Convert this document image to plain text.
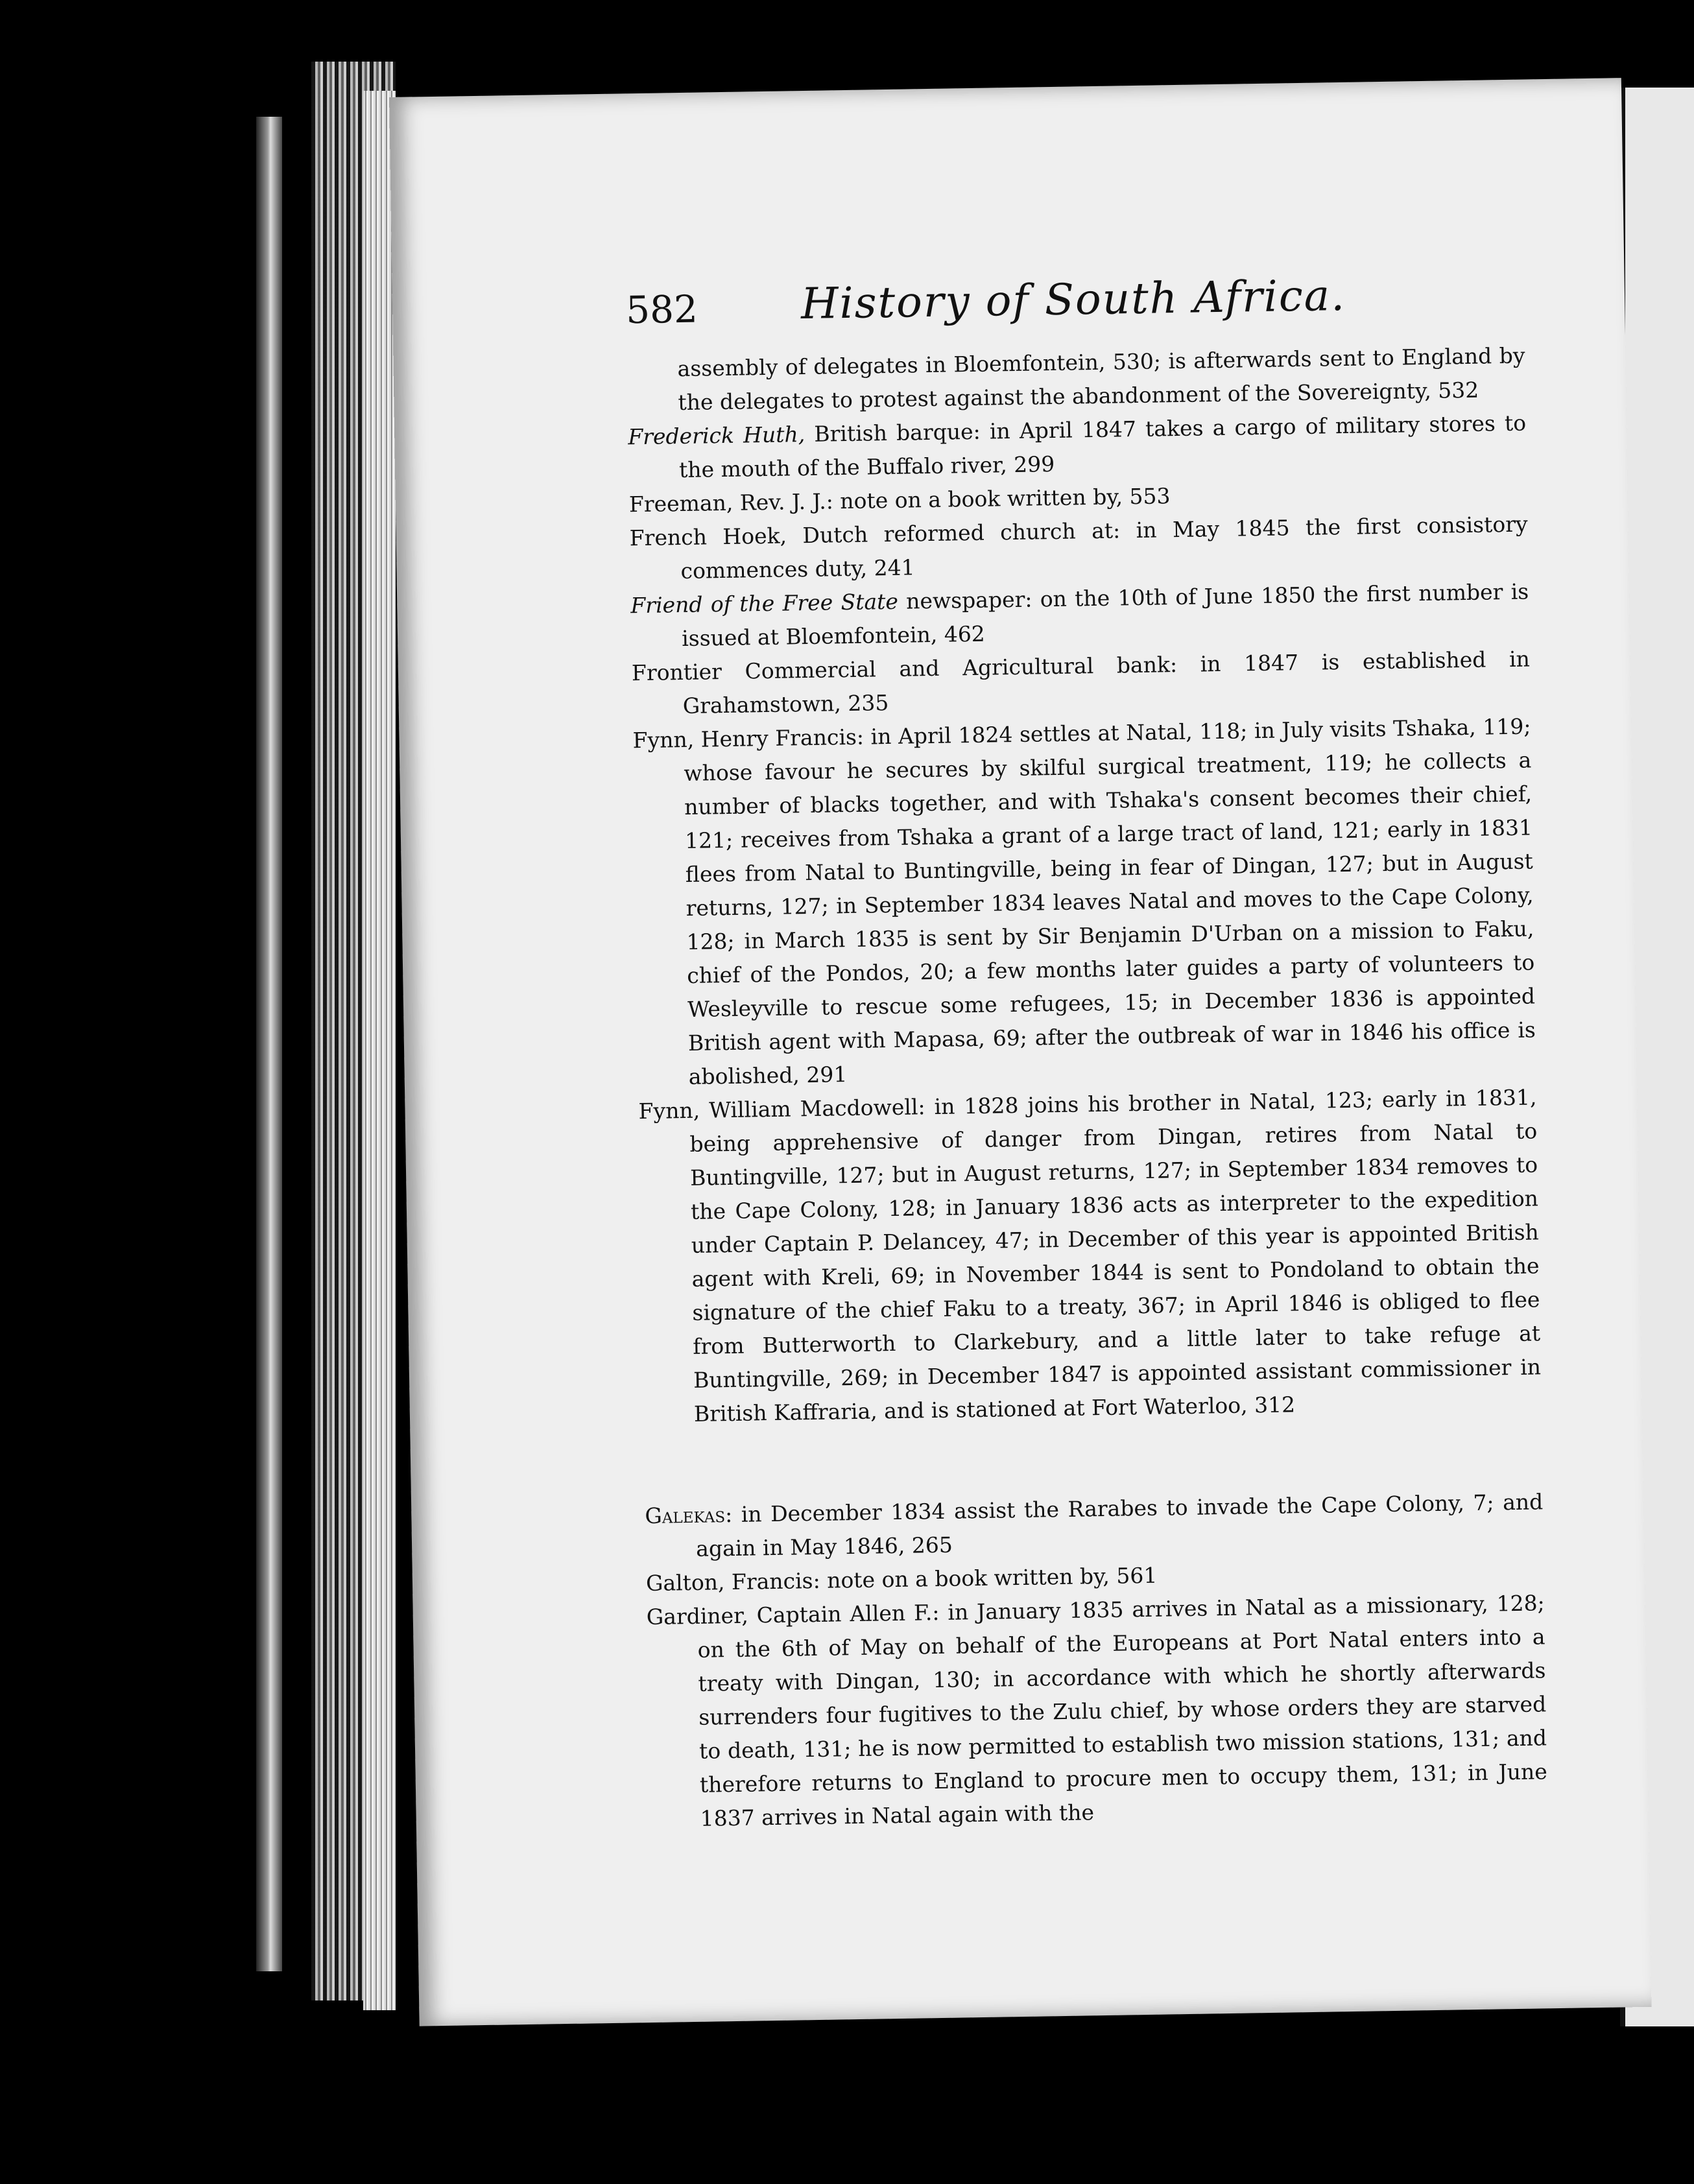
582	History of South Africa.

assembly of delegates in Bloemfontein, 530; is afterwards sent to England by the delegates to protest against the abandonment of the Sovereignty, 532

Frederick Huth, British barque: in April 1847 takes a cargo of military stores to the mouth of the Buffalo river, 299

Freeman, Rev. J. J.: note on a book written by, 553

French Hoek, Dutch reformed church at: in May 1845 the first consistory commences duty, 241

Friend of the Free State newspaper: on the 10th of June 1850 the first number is issued at Bloemfontein, 462

Frontier Commercial and Agricultural bank: in 1847 is established in Grahamstown, 235

Fynn, Henry Francis: in April 1824 settles at Natal, 118; in July visits Tshaka, 119; whose favour he secures by skilful surgical treatment, 119; he collects a number of blacks together, and with Tshaka's consent becomes their chief, 121; receives from Tshaka a grant of a large tract of land, 121; early in 1831 flees from Natal to Buntingville, being in fear of Dingan, 127; but in August returns, 127; in September 1834 leaves Natal and moves to the Cape Colony, 128; in March 1835 is sent by Sir Benjamin D'Urban on a mission to Faku, chief of the Pondos, 20; a few months later guides a party of volunteers to Wesleyville to rescue some refugees, 15; in December 1836 is appointed British agent with Mapasa, 69; after the outbreak of war in 1846 his office is abolished, 291

Fynn, William Macdowell: in 1828 joins his brother in Natal, 123; early in 1831, being apprehensive of danger from Dingan, retires from Natal to Buntingville, 127; but in August returns, 127; in September 1834 removes to the Cape Colony, 128; in January 1836 acts as interpreter to the expedition under Captain P. Delancey, 47; in December of this year is appointed British agent with Kreli, 69; in November 1844 is sent to Pondoland to obtain the signature of the chief Faku to a treaty, 367; in April 1846 is obliged to flee from Butterworth to Clarkebury, and a little later to take refuge at Buntingville, 269; in December 1847 is appointed assistant commissioner in British Kaffraria, and is stationed at Fort Waterloo, 312

Galekas: in December 1834 assist the Rarabes to invade the Cape Colony, 7; and again in May 1846, 265

Galton, Francis: note on a book written by, 561

Gardiner, Captain Allen F.: in January 1835 arrives in Natal as a missionary, 128; on the 6th of May on behalf of the Europeans at Port Natal enters into a treaty with Dingan, 130; in accordance with which he shortly afterwards surrenders four fugitives to the Zulu chief, by whose orders they are starved to death, 131; he is now permitted to establish two mission stations, 131; and therefore returns to England to procure men to occupy them, 131; in June 1837 arrives in Natal again with the
